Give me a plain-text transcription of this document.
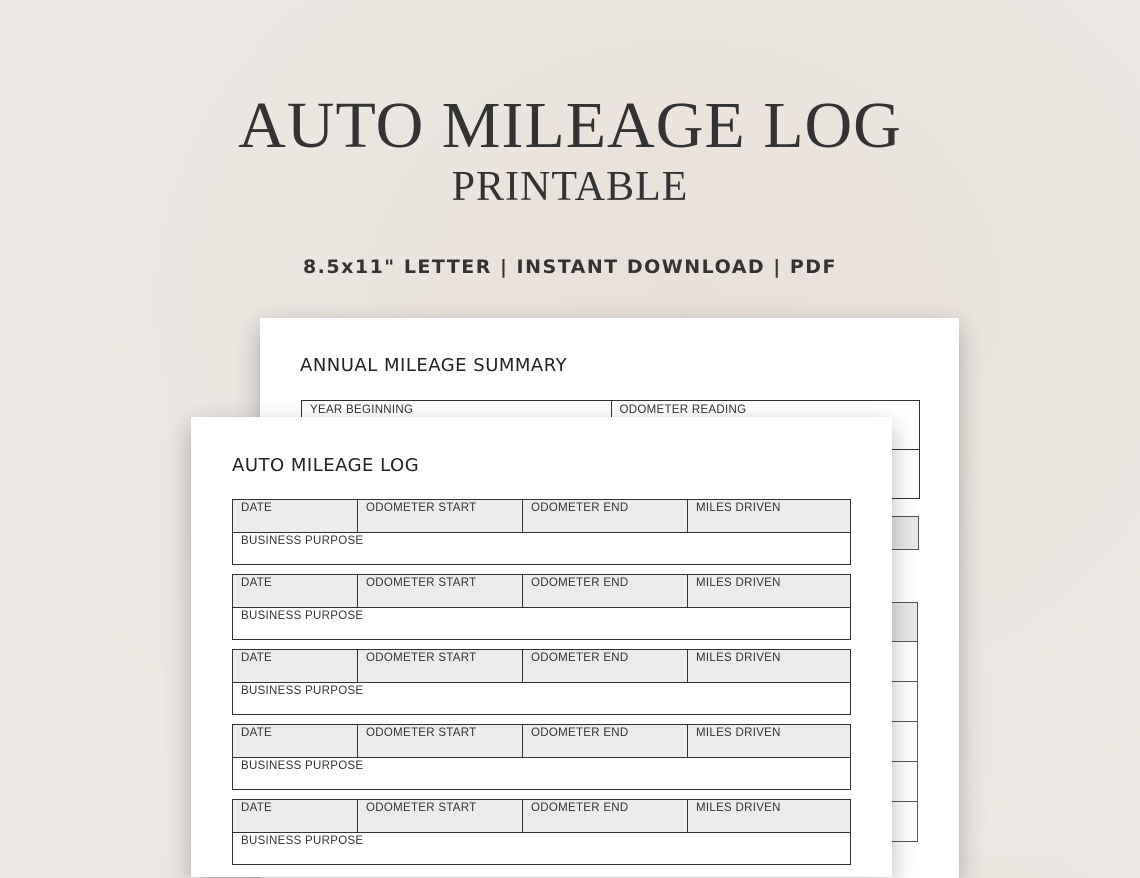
AUTO MILEAGE LOG
PRINTABLE
8.5x11" LETTER | INSTANT DOWNLOAD | PDF
ANNUAL MILEAGE SUMMARY
YEAR BEGINNING	ODOMETER READING
AUTO MILEAGE LOG
DATE	ODOMETER START	ODOMETER END	MILES DRIVEN
BUSINESS PURPOSE
DATE	ODOMETER START	ODOMETER END	MILES DRIVEN
BUSINESS PURPOSE
DATE	ODOMETER START	ODOMETER END	MILES DRIVEN
BUSINESS PURPOSE
DATE	ODOMETER START	ODOMETER END	MILES DRIVEN
BUSINESS PURPOSE
DATE	ODOMETER START	ODOMETER END	MILES DRIVEN
BUSINESS PURPOSE
